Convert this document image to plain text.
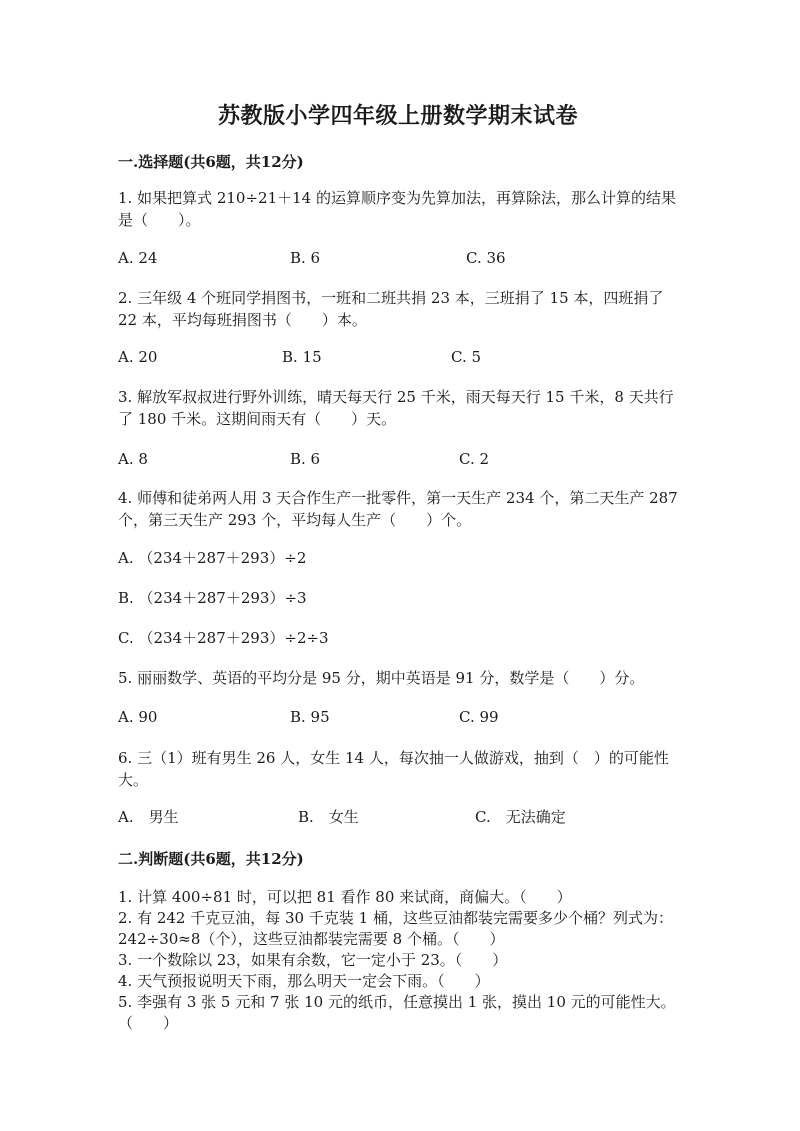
苏教版小学四年级上册数学期末试卷
一.选择题(共6题，共12分)
1. 如果把算式 210÷21＋14 的运算顺序变为先算加法，再算除法，那么计算的结果是（　　）。
A. 24	B. 6	C. 36
2. 三年级 4 个班同学捐图书，一班和二班共捐 23 本，三班捐了 15 本，四班捐了 22 本，平均每班捐图书（　　）本。
A. 20	B. 15	C. 5
3. 解放军叔叔进行野外训练，晴天每天行 25 千米，雨天每天行 15 千米，8 天共行了 180 千米。这期间雨天有（　　）天。
A. 8	B. 6	C. 2
4. 师傅和徒弟两人用 3 天合作生产一批零件，第一天生产 234 个，第二天生产 287 个，第三天生产 293 个，平均每人生产（　　）个。
A. （234＋287＋293）÷2
B. （234＋287＋293）÷3
C. （234＋287＋293）÷2÷3
5. 丽丽数学、英语的平均分是 95 分，期中英语是 91 分，数学是（　　）分。
A. 90	B. 95	C. 99
6. 三（1）班有男生 26 人，女生 14 人，每次抽一人做游戏，抽到（　）的可能性大。
A.　男生	B.　女生	C.　无法确定
二.判断题(共6题，共12分)
1. 计算 400÷81 时，可以把 81 看作 80 来试商，商偏大。（　　）
2. 有 242 千克豆油，每 30 千克装 1 桶，这些豆油都装完需要多少个桶？列式为：242÷30≈8（个），这些豆油都装完需要 8 个桶。（　　）
3. 一个数除以 23，如果有余数，它一定小于 23。（　　）
4. 天气预报说明天下雨，那么明天一定会下雨。（　　）
5. 李强有 3 张 5 元和 7 张 10 元的纸币，任意摸出 1 张，摸出 10 元的可能性大。　　（　　）
